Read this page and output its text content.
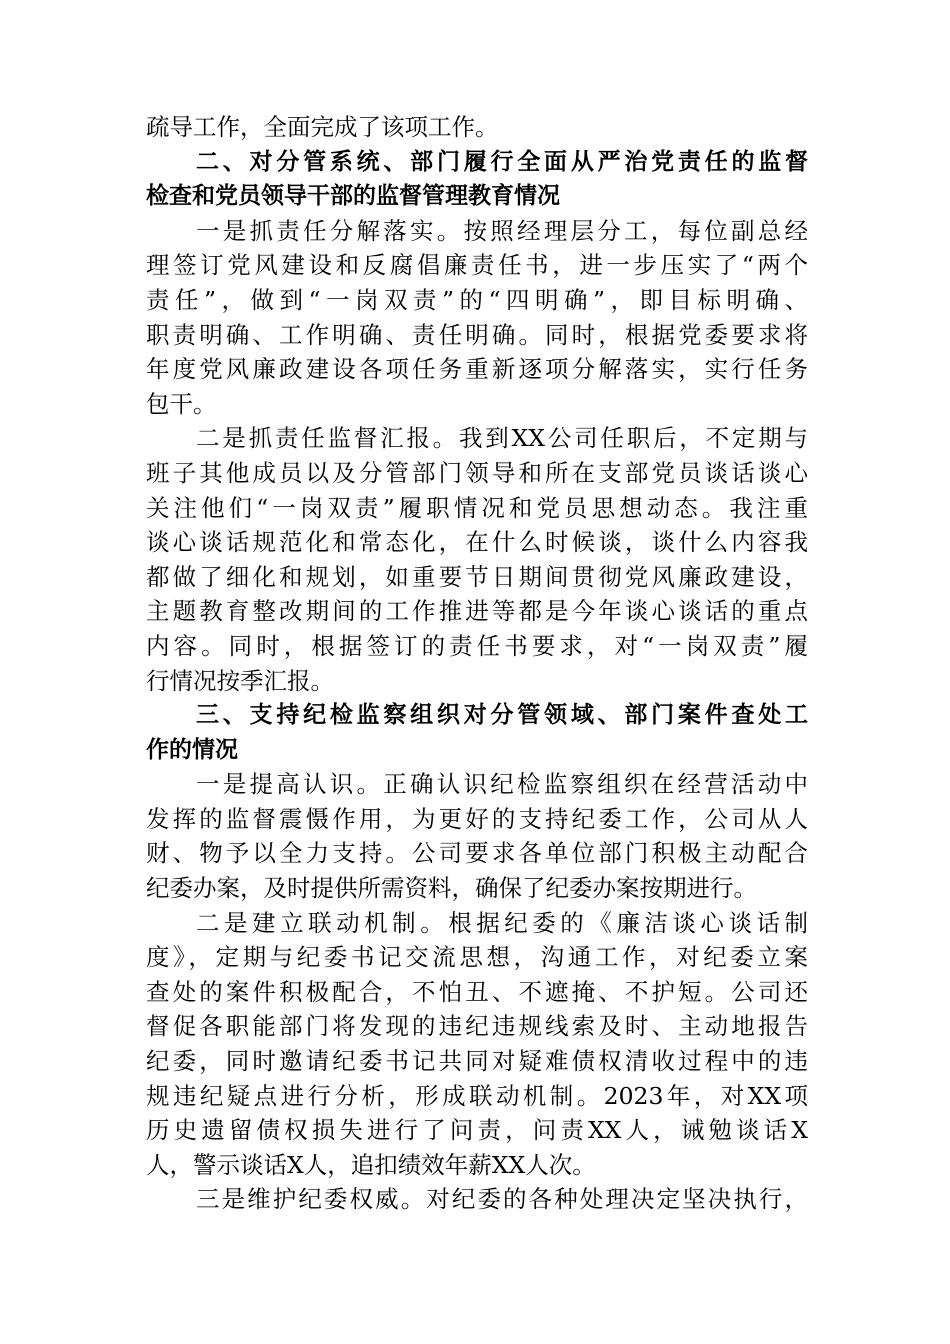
疏导工作，全面完成了该项工作。
二、对分管系统、部门履行全面从严治党责任的监督
检查和党员领导干部的监督管理教育情况
一是抓责任分解落实。按照经理层分工，每位副总经
理签订党风建设和反腐倡廉责任书，进一步压实了“两个
责任”，做到“一岗双责”的“四明确”，即目标明确、
职责明确、工作明确、责任明确。同时，根据党委要求将
年度党风廉政建设各项任务重新逐项分解落实，实行任务
包干。
二是抓责任监督汇报。我到XX公司任职后，不定期与
班子其他成员以及分管部门领导和所在支部党员谈话谈心
关注他们“一岗双责”履职情况和党员思想动态。我注重
谈心谈话规范化和常态化，在什么时候谈，谈什么内容我
都做了细化和规划，如重要节日期间贯彻党风廉政建设，
主题教育整改期间的工作推进等都是今年谈心谈话的重点
内容。同时，根据签订的责任书要求，对“一岗双责”履
行情况按季汇报。
三、支持纪检监察组织对分管领域、部门案件查处工
作的情况
一是提高认识。正确认识纪检监察组织在经营活动中
发挥的监督震慑作用，为更好的支持纪委工作，公司从人
财、物予以全力支持。公司要求各单位部门积极主动配合
纪委办案，及时提供所需资料，确保了纪委办案按期进行。
二是建立联动机制。根据纪委的《廉洁谈心谈话制
度》，定期与纪委书记交流思想，沟通工作，对纪委立案
查处的案件积极配合，不怕丑、不遮掩、不护短。公司还
督促各职能部门将发现的违纪违规线索及时、主动地报告
纪委，同时邀请纪委书记共同对疑难债权清收过程中的违
规违纪疑点进行分析，形成联动机制。2023年，对XX项
历史遗留债权损失进行了问责，问责XX人，诫勉谈话X
人，警示谈话X人，追扣绩效年薪XX人次。
三是维护纪委权威。对纪委的各种处理决定坚决执行，
